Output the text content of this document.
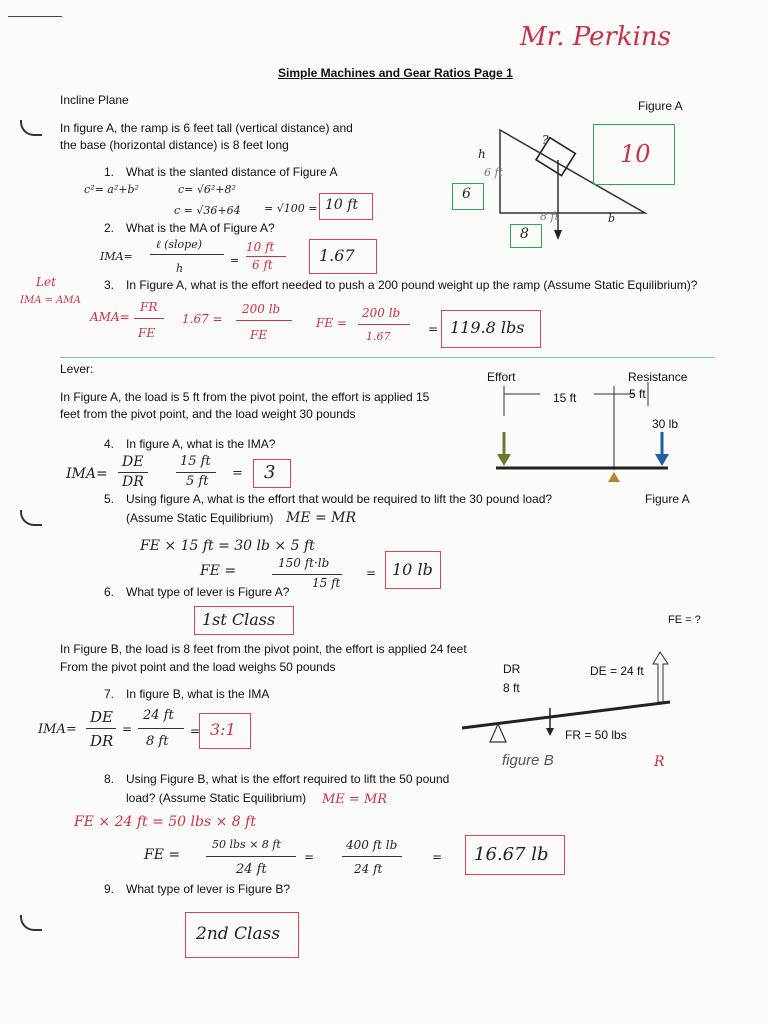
Mr. Perkins
Simple Machines and Gear Ratios Page 1
Incline Plane	Figure A
In figure A, the ramp is 6 feet tall (vertical distance) and
the base (horizontal distance) is 8 feet long
h
?
6 ft
8 ft	b
6
8
10
1. What is the slanted distance of Figure A
c²= a²+b²	c= √6²+8²
c = √36+64 = √100 = 10 ft
2. What is the MA of Figure A?
IMA=
ℓ (slope)
h
=
10 ft
6 ft	1.67
Let
IMA = AMA
3. In Figure A, what is the effort needed to push a 200 pound weight up the ramp (Assume Static Equilibrium)?
AMA=
FR
FE
1.67 =
200 lb
FE
FE =
200 lb
1.67
= 119.8 lbs
Lever:
In Figure A, the load is 5 ft from the pivot point, the effort is applied 15
feet from the pivot point, and the load weight 30 pounds
Effort	Resistance
15 ft	5 ft
30 lb
Figure A
4. In figure A, what is the IMA?
IMA=
DE
DR
15 ft
5 ft
= 3
5. Using figure A, what is the effort that would be required to lift the 30 pound load?
(Assume Static Equilibrium) ME = MR
FE × 15 ft = 30 lb × 5 ft
FE =	150 ft·lb
15 ft
= 10 lb
6. What type of lever is Figure A?
1st Class	FE = ?
In Figure B, the load is 8 feet from the pivot point, the effort is applied 24 feet
From the pivot point and the load weighs 50 pounds	DR
8 ft
DE = 24 ft
FR = 50 lbs
figure B	R
7. In figure B, what is the IMA
IMA=
DE
DR
=
24 ft
8 ft
= 3:1
8. Using Figure B, what is the effort required to lift the 50 pound
load? (Assume Static Equilibrium) ME = MR
FE × 24 ft = 50 lbs × 8 ft
FE =
50 lbs × 8 ft
24 ft
=
400 ft lb
24 ft
= 16.67 lb
9. What type of lever is Figure B?
2nd Class
